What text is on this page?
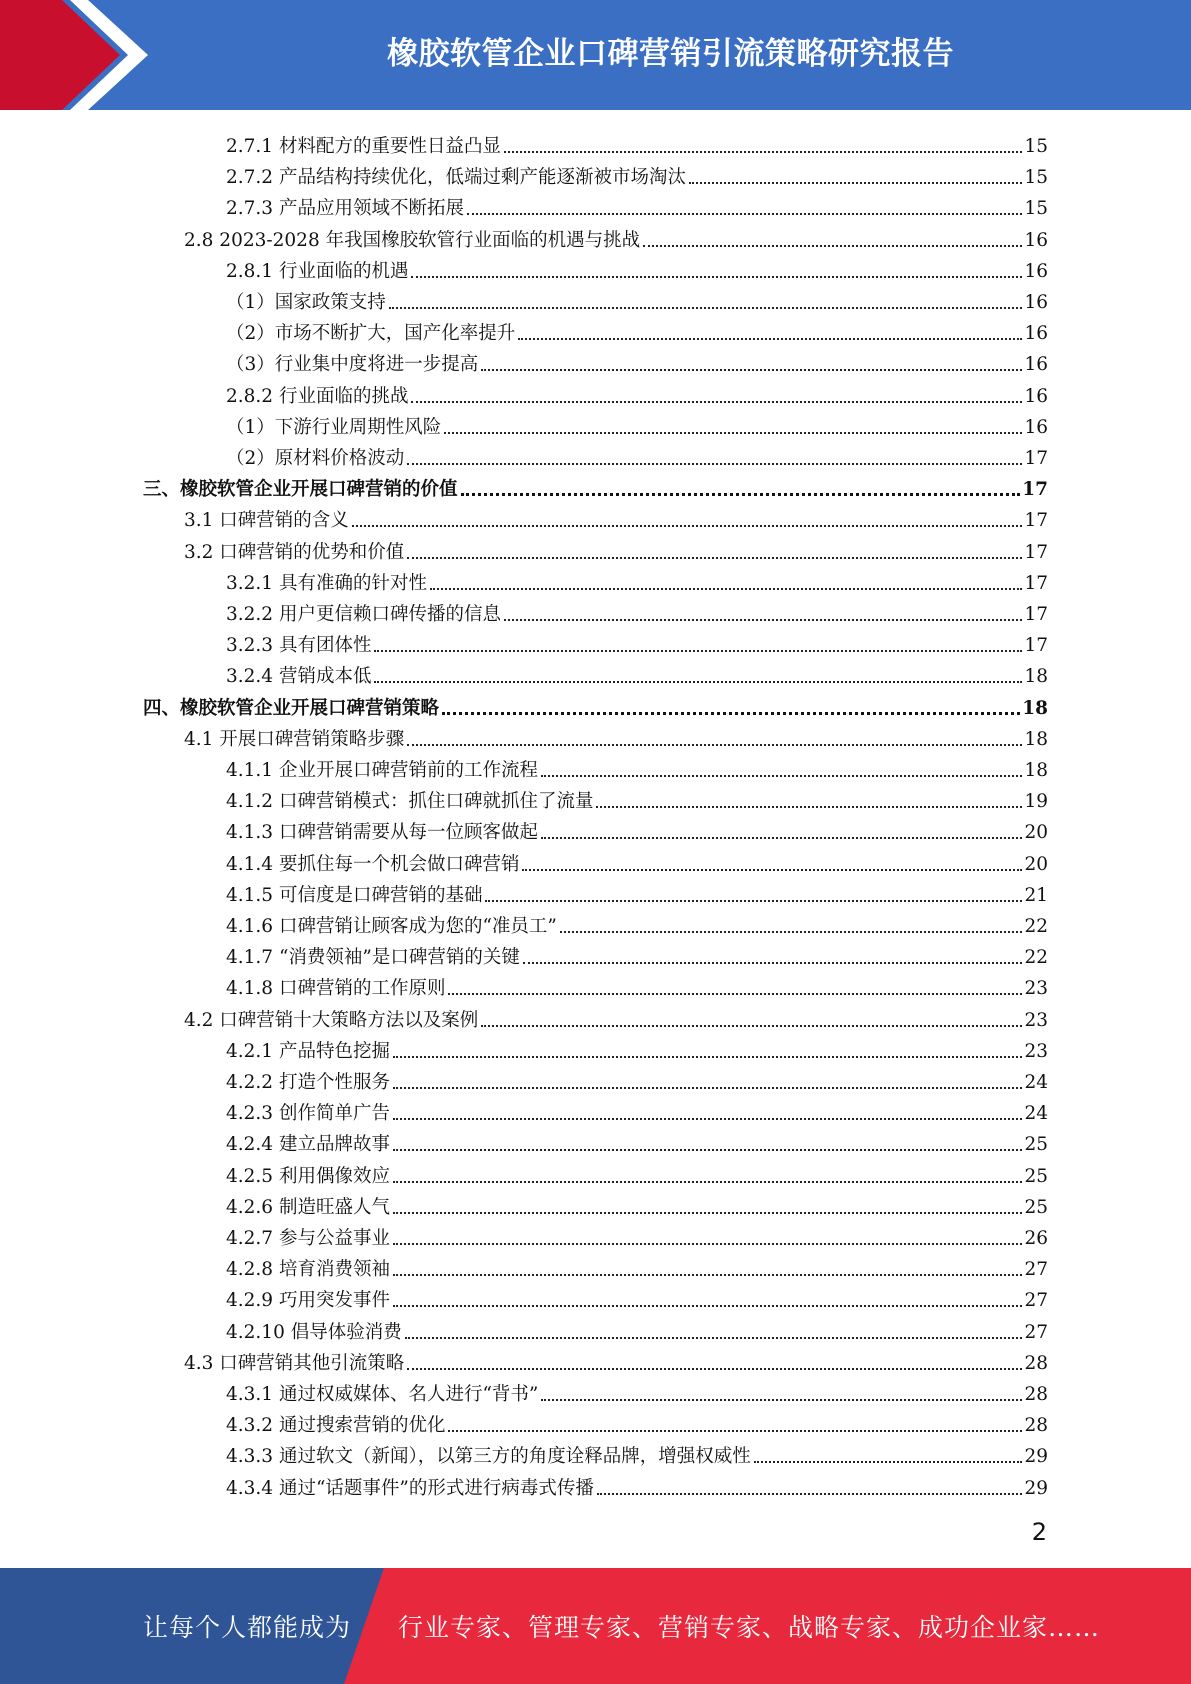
橡胶软管企业口碑营销引流策略研究报告
2.7.1 材料配方的重要性日益凸显	15
2.7.2 产品结构持续优化，低端过剩产能逐渐被市场淘汰	15
2.7.3 产品应用领域不断拓展	15
2.8 2023-2028 年我国橡胶软管行业面临的机遇与挑战	16
2.8.1 行业面临的机遇	16
（1）国家政策支持	16
（2）市场不断扩大，国产化率提升	16
（3）行业集中度将进一步提高	16
2.8.2 行业面临的挑战	16
（1）下游行业周期性风险	16
（2）原材料价格波动	17
三、橡胶软管企业开展口碑营销的价值	17
3.1 口碑营销的含义	17
3.2 口碑营销的优势和价值	17
3.2.1 具有准确的针对性	17
3.2.2 用户更信赖口碑传播的信息	17
3.2.3 具有团体性	17
3.2.4 营销成本低	18
四、橡胶软管企业开展口碑营销策略	18
4.1 开展口碑营销策略步骤	18
4.1.1 企业开展口碑营销前的工作流程	18
4.1.2 口碑营销模式：抓住口碑就抓住了流量	19
4.1.3 口碑营销需要从每一位顾客做起	20
4.1.4 要抓住每一个机会做口碑营销	20
4.1.5 可信度是口碑营销的基础	21
4.1.6 口碑营销让顾客成为您的“准员工”	22
4.1.7 “消费领袖”是口碑营销的关键	22
4.1.8 口碑营销的工作原则	23
4.2 口碑营销十大策略方法以及案例	23
4.2.1 产品特色挖掘	23
4.2.2 打造个性服务	24
4.2.3 创作简单广告	24
4.2.4 建立品牌故事	25
4.2.5 利用偶像效应	25
4.2.6 制造旺盛人气	25
4.2.7 参与公益事业	26
4.2.8 培育消费领袖	27
4.2.9 巧用突发事件	27
4.2.10 倡导体验消费	27
4.3 口碑营销其他引流策略	28
4.3.1 通过权威媒体、名人进行“背书”	28
4.3.2 通过搜索营销的优化	28
4.3.3 通过软文（新闻），以第三方的角度诠释品牌，增强权威性	29
4.3.4 通过“话题事件”的形式进行病毒式传播	29
2
让每个人都能成为 行业专家、管理专家、营销专家、战略专家、成功企业家……
